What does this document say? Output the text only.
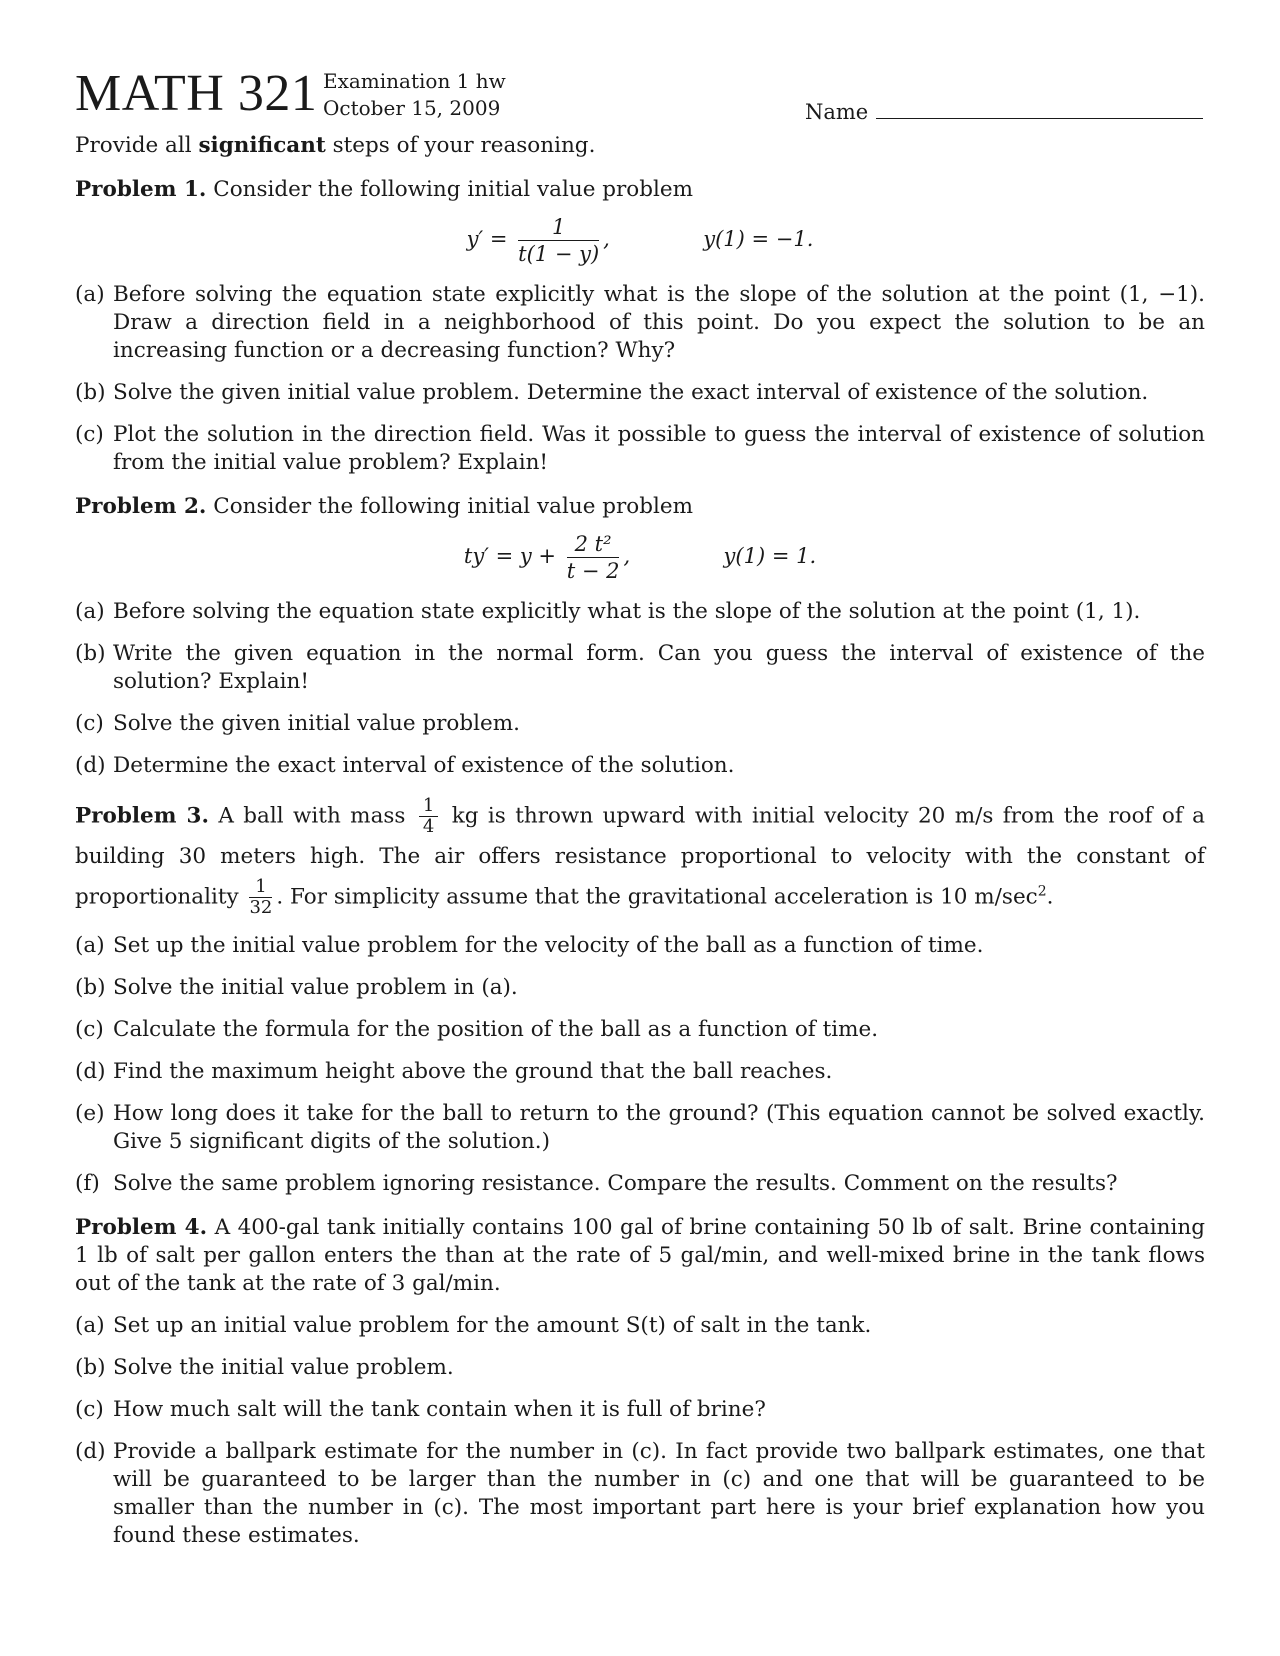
MATH 321 Examination 1 hw
October 15, 2009	Name
Provide all significant steps of your reasoning.
Problem 1. Consider the following initial value problem
$y' = \frac{1}{t(1 - y)}$ ,	y(1) = −1.
(a) Before solving the equation state explicitly what is the slope of the solution at the point (1, −1). Draw a direction field in a neighborhood of this point. Do you expect the solution to be an increasing function or a decreasing function? Why?
(b) Solve the given initial value problem. Determine the exact interval of existence of the solution.
(c) Plot the solution in the direction field. Was it possible to guess the interval of existence of solution from the initial value problem? Explain!
Problem 2. Consider the following initial value problem
$ty' = y + \frac{\text{2 t²}}{t - 2}$ ,	y(1) = 1.
(a) Before solving the equation state explicitly what is the slope of the solution at the point (1, 1).
(b) Write the given equation in the normal form. Can you guess the interval of existence of the solution? Explain!
(c) Solve the given initial value problem.
(d) Determine the exact interval of existence of the solution.
Problem 3. A ball with mass $\frac{1}{4}$ kg is thrown upward with initial velocity 20 m/s from the roof of a building 30 meters high. The air offers resistance proportional to velocity with the constant of proportionality $\frac{1}{32}$ . For simplicity assume that the gravitational acceleration is 10 $m/\sec^2$.
(a) Set up the initial value problem for the velocity of the ball as a function of time.
(b) Solve the initial value problem in (a).
(c) Calculate the formula for the position of the ball as a function of time.
(d) Find the maximum height above the ground that the ball reaches.
(e) How long does it take for the ball to return to the ground? (This equation cannot be solved exactly. Give 5 significant digits of the solution.)
(f) Solve the same problem ignoring resistance. Compare the results. Comment on the results?
Problem 4. A 400-gal tank initially contains 100 gal of brine containing 50 lb of salt. Brine containing 1 lb of salt per gallon enters the than at the rate of 5 gal/min, and well-mixed brine in the tank flows out of the tank at the rate of 3 gal/min.
(a) Set up an initial value problem for the amount S(t) of salt in the tank.
(b) Solve the initial value problem.
(c) How much salt will the tank contain when it is full of brine?
(d) Provide a ballpark estimate for the number in (c). In fact provide two ballpark estimates, one that will be guaranteed to be larger than the number in (c) and one that will be guaranteed to be smaller than the number in (c). The most important part here is your brief explanation how you found these estimates.
